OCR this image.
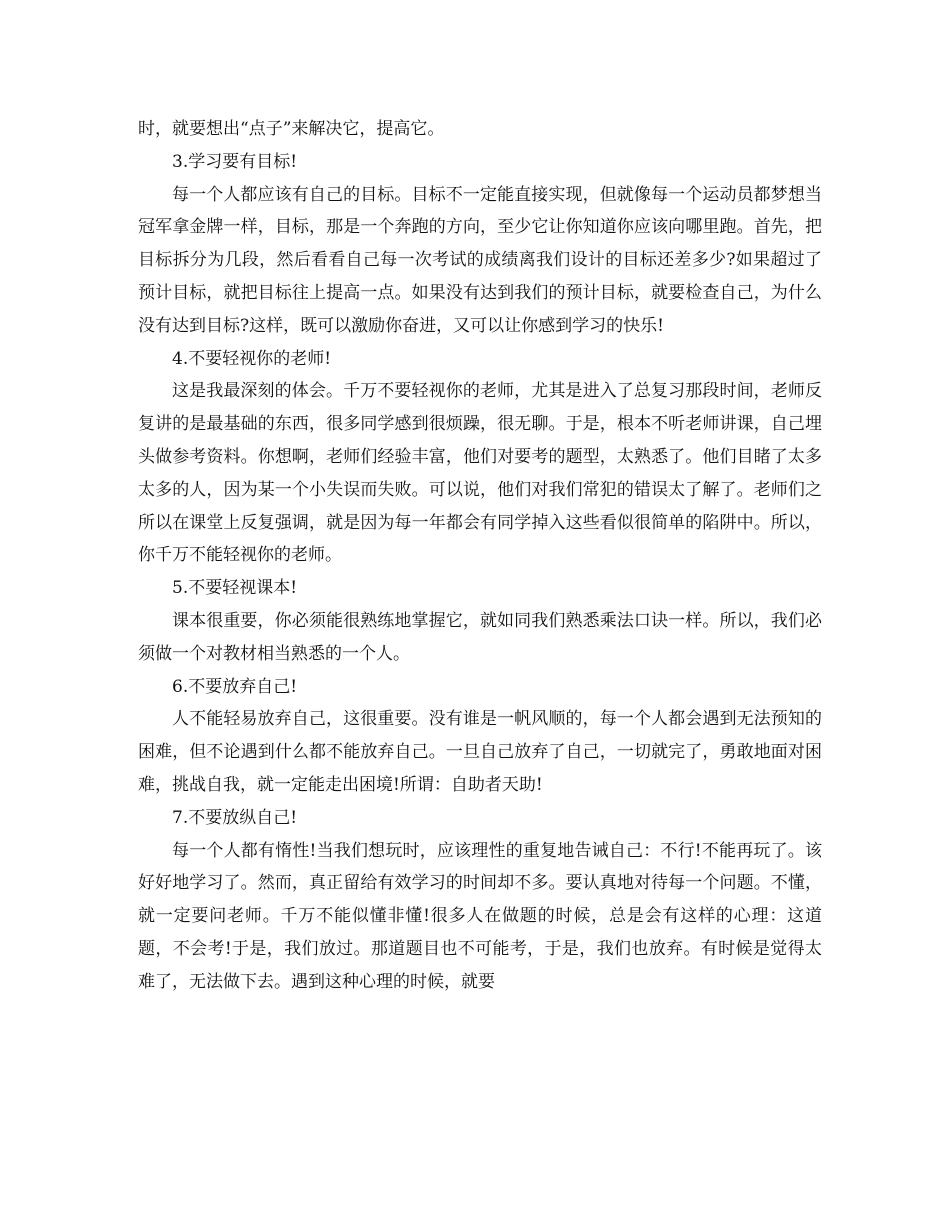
时，就要想出“点子”来解决它，提高它。

3.学习要有目标!

每一个人都应该有自己的目标。目标不一定能直接实现，但就像每一个运动员都梦想当冠军拿金牌一样，目标，那是一个奔跑的方向，至少它让你知道你应该向哪里跑。首先，把目标拆分为几段，然后看看自己每一次考试的成绩离我们设计的目标还差多少?如果超过了预计目标，就把目标往上提高一点。如果没有达到我们的预计目标，就要检查自己，为什么没有达到目标?这样，既可以激励你奋进，又可以让你感到学习的快乐!

4.不要轻视你的老师!

这是我最深刻的体会。千万不要轻视你的老师，尤其是进入了总复习那段时间，老师反复讲的是最基础的东西，很多同学感到很烦躁，很无聊。于是，根本不听老师讲课，自己埋头做参考资料。你想啊，老师们经验丰富，他们对要考的题型，太熟悉了。他们目睹了太多太多的人，因为某一个小失误而失败。可以说，他们对我们常犯的错误太了解了。老师们之所以在课堂上反复强调，就是因为每一年都会有同学掉入这些看似很简单的陷阱中。所以，你千万不能轻视你的老师。

5.不要轻视课本!

课本很重要，你必须能很熟练地掌握它，就如同我们熟悉乘法口诀一样。所以，我们必须做一个对教材相当熟悉的一个人。

6.不要放弃自己!

人不能轻易放弃自己，这很重要。没有谁是一帆风顺的，每一个人都会遇到无法预知的困难，但不论遇到什么都不能放弃自己。一旦自己放弃了自己，一切就完了，勇敢地面对困难，挑战自我，就一定能走出困境!所谓：自助者天助!

7.不要放纵自己!

每一个人都有惰性!当我们想玩时，应该理性的重复地告诫自己：不行!不能再玩了。该好好地学习了。然而，真正留给有效学习的时间却不多。要认真地对待每一个问题。不懂，就一定要问老师。千万不能似懂非懂!很多人在做题的时候，总是会有这样的心理：这道题，不会考!于是，我们放过。那道题目也不可能考，于是，我们也放弃。有时候是觉得太难了，无法做下去。遇到这种心理的时候，就要
